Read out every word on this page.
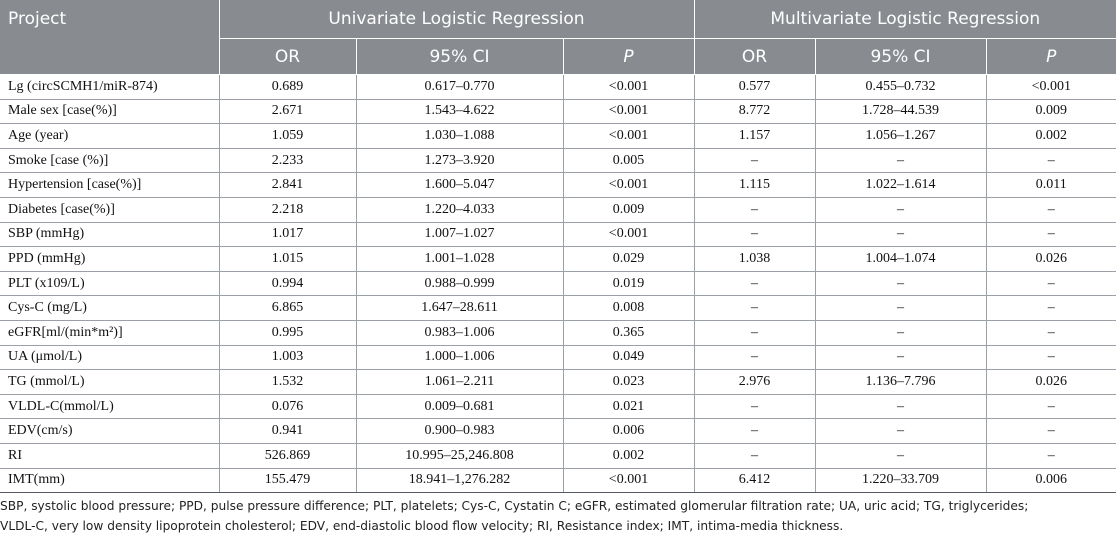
Project	Univariate Logistic Regression			Multivariate Logistic Regression		
	OR	95% CI	P	OR	95% CI	P
Lg (circSCMH1/miR-874)	0.689	0.617–0.770	<0.001	0.577	0.455–0.732	<0.001
Male sex [case(%)]	2.671	1.543–4.622	<0.001	8.772	1.728–44.539	0.009
Age (year)	1.059	1.030–1.088	<0.001	1.157	1.056–1.267	0.002
Smoke [case (%)]	2.233	1.273–3.920	0.005	–	–	–
Hypertension [case(%)]	2.841	1.600–5.047	<0.001	1.115	1.022–1.614	0.011
Diabetes [case(%)]	2.218	1.220–4.033	0.009	–	–	–
SBP (mmHg)	1.017	1.007–1.027	<0.001	–	–	–
PPD (mmHg)	1.015	1.001–1.028	0.029	1.038	1.004–1.074	0.026
PLT (x109/L)	0.994	0.988–0.999	0.019	–	–	–
Cys-C (mg/L)	6.865	1.647–28.611	0.008	–	–	–
eGFR[ml/(min*m²)]	0.995	0.983–1.006	0.365	–	–	–
UA (μmol/L)	1.003	1.000–1.006	0.049	–	–	–
TG (mmol/L)	1.532	1.061–2.211	0.023	2.976	1.136–7.796	0.026
VLDL-C(mmol/L)	0.076	0.009–0.681	0.021	–	–	–
EDV(cm/s)	0.941	0.900–0.983	0.006	–	–	–
RI	526.869	10.995–25,246.808	0.002	–	–	–
IMT(mm)	155.479	18.941–1,276.282	<0.001	6.412	1.220–33.709	0.006

SBP, systolic blood pressure; PPD, pulse pressure difference; PLT, platelets; Cys-C, Cystatin C; eGFR, estimated glomerular filtration rate; UA, uric acid; TG, triglycerides;
VLDL-C, very low density lipoprotein cholesterol; EDV, end-diastolic blood flow velocity; RI, Resistance index; IMT, intima-media thickness.
